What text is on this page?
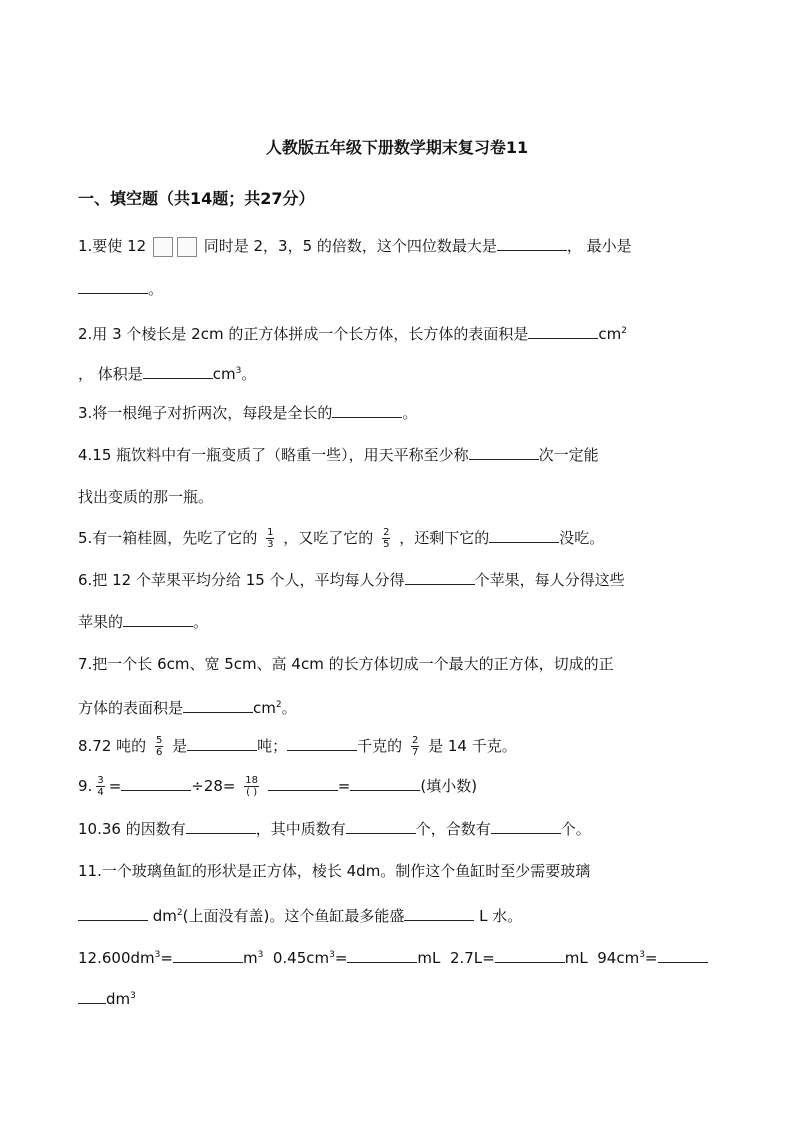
人教版五年级下册数学期末复习卷11
一、填空题（共14题；共27分）
1.要使 12	同时是 2，3，5 的倍数，这个四位数最大是	， 最小是
。
2.用 3 个棱长是 2cm 的正方体拼成一个长方体，长方体的表面积是	$cm^2$
， 体积是	$cm^3$。
3.将一根绳子对折两次，每段是全长的	。
4.15 瓶饮料中有一瓶变质了（略重一些），用天平称至少称	次一定能
找出变质的那一瓶。
5.有一箱桂圆，先吃了它的 $\frac{1}{3}$ ，又吃了它的 $\frac{2}{5}$ ，还剩下它的	没吃。
6.把 12 个苹果平均分给 15 个人，平均每人分得	个苹果，每人分得这些
苹果的	。
7.把一个长 6cm、宽 5cm、高 4cm 的长方体切成一个最大的正方体，切成的正
方体的表面积是	$cm^2$。
8.72 吨的 $\frac{5}{6}$ 是	吨；	千克的 $\frac{2}{7}$ 是 14 千克。
9. $\frac{3}{4}$ =	$\div 28= \frac{18}{( )}$	=	(填小数)
10.36 的因数有	，其中质数有	个，合数有	个。
11.一个玻璃鱼缸的形状是正方体，棱长 4dm。制作这个鱼缸时至少需要玻璃
$dm^2$(上面没有盖)。这个鱼缸最多能盛	L 水。
$12.600dm^3=$	$m^3$ $0.45cm^3=$	mL 2.7L=	mL $94cm^3=$
$dm^3$
